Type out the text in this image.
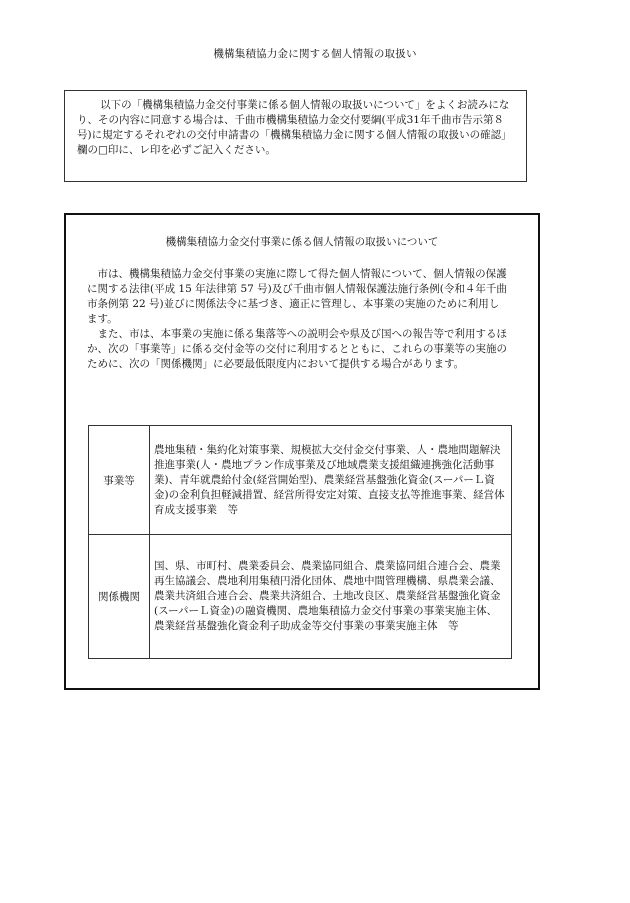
機構集積協力金に関する個人情報の取扱い

以下の「機構集積協力金交付事業に係る個人情報の取扱いについて」をよくお読みになり、その内容に同意する場合は、千曲市機構集積協力金交付要綱(平成31年千曲市告示第８号)に規定するそれぞれの交付申請書の「機構集積協力金に関する個人情報の取扱いの確認」欄の□印に、レ印を必ずご記入ください。

機構集積協力金交付事業に係る個人情報の取扱いについて

市は、機構集積協力金交付事業の実施に際して得た個人情報について、個人情報の保護に関する法律(平成 15 年法律第 57 号)及び千曲市個人情報保護法施行条例(令和４年千曲市条例第 22 号)並びに関係法令に基づき、適正に管理し、本事業の実施のために利用します。

また、市は、本事業の実施に係る集落等への説明会や県及び国への報告等で利用するほか、次の「事業等」に係る交付金等の交付に利用するとともに、これらの事業等の実施のために、次の「関係機関」に必要最低限度内において提供する場合があります。

事業等	農地集積・集約化対策事業、規模拡大交付金交付事業、人・農地問題解決推進事業(人・農地プラン作成事業及び地域農業支援組織連携強化活動事業)、青年就農給付金(経営開始型)、農業経営基盤強化資金(スーパーＬ資金)の金利負担軽減措置、経営所得安定対策、直接支払等推進事業、経営体育成支援事業　等
関係機関	国、県、市町村、農業委員会、農業協同組合、農業協同組合連合会、農業再生協議会、農地利用集積円滑化団体、農地中間管理機構、県農業会議、農業共済組合連合会、農業共済組合、土地改良区、農業経営基盤強化資金(スーパーＬ資金)の融資機関、農地集積協力金交付事業の事業実施主体、農業経営基盤強化資金利子助成金等交付事業の事業実施主体　等
